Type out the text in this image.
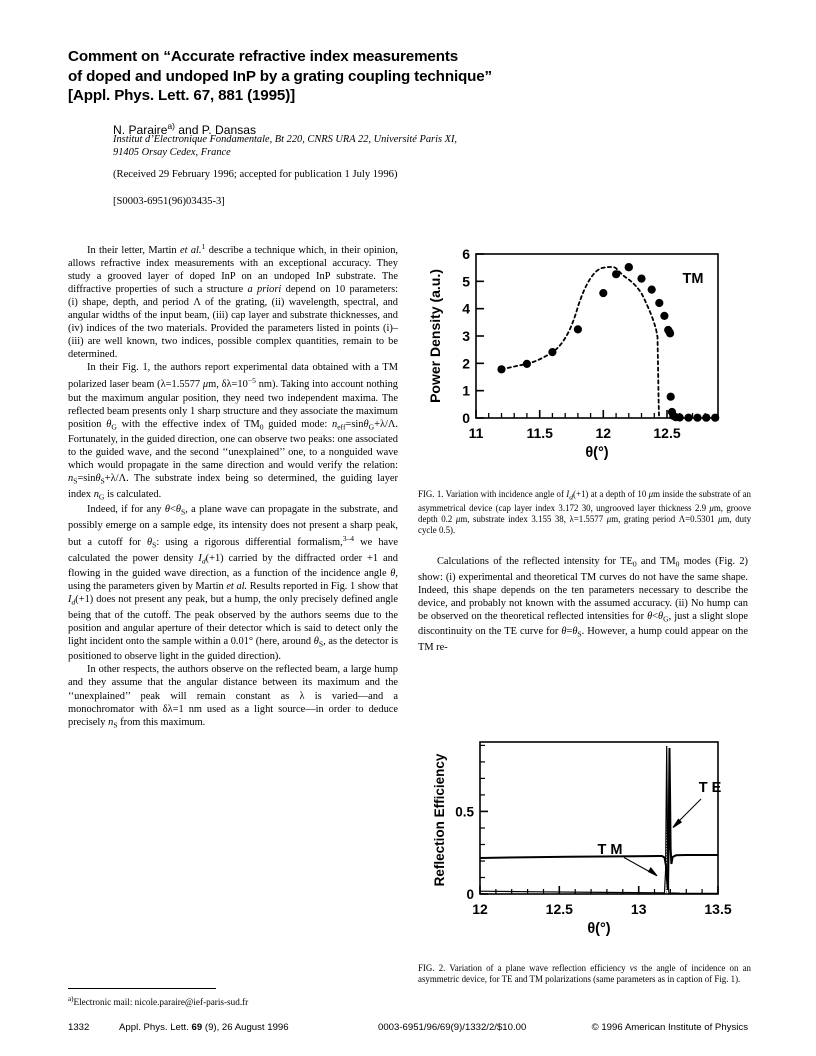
Comment on “Accurate refractive index measurements
of doped and undoped InP by a grating coupling technique”
[Appl. Phys. Lett. 67, 881 (1995)]
N. Paraire$^{a)}$ and P. Dansas
Institut d’Electronique Fondamentale, Bt 220, CNRS URA 22, Université Paris XI,
91405 Orsay Cedex, France
(Received 29 February 1996; accepted for publication 1 July 1996)
[S0003-6951(96)03435-3]

In their letter, Martin et al.$^1$ describe a technique which, in their opinion, allows refractive index measurements with an exceptional accuracy. They study a grooved layer of doped InP on an undoped InP substrate. The diffractive properties of such a structure a priori depend on 10 parameters: (i) shape, depth, and period Λ of the grating, (ii) wavelength, spectral, and angular widths of the input beam, (iii) cap layer and substrate thicknesses, and (iv) indices of the two materials. Provided the parameters listed in points (i)–(iii) are well known, two indices, possible complex quantities, remain to be determined.

In their Fig. 1, the authors report experimental data obtained with a TM polarized laser beam (λ=1.5577 μm, $\delta\lambda=10^{-5}$ nm). Taking into account nothing but the maximum angular position, they need two independent maxima. The reflected beam presents only 1 sharp structure and they associate the maximum position $\theta_G$ with the effective index of $TM_0$ guided mode: $n_{eff}=\sin\theta_G+\lambda/\Lambda$. Fortunately, in the guided direction, one can observe two peaks: one associated to the guided wave, and the second ‘‘unexplained’’ one, to a nonguided wave which would propagate in the same direction and would verify the relation: $n_S=\sin\theta_S+\lambda/\Lambda$. The substrate index being so determined, the guiding layer index $n_G$ is calculated.

Indeed, if for any $\theta<\theta_S$, a plane wave can propagate in the substrate, and possibly emerge on a sample edge, its intensity does not present a sharp peak, but a cutoff for $\theta_S$: using a rigorous differential formalism,$^{3-4}$ we have calculated the power density $I_d(+1)$ carried by the diffracted order +1 and flowing in the guided wave direction, as a function of the incidence angle θ, using the parameters given by Martin et al. Results reported in Fig. 1 show that $I_d(+1)$ does not present any peak, but a hump, the only precisely defined angle being that of the cutoff. The peak observed by the authors seems due to the position and angular aperture of their detector which is said to detect only the light incident onto the sample within a 0.01° (here, around $\theta_S$, as the detector is positioned to observe light in the guided direction).

In other respects, the authors observe on the reflected beam, a large hump and they assume that the angular distance between its maximum and the ‘‘unexplained’’ peak will remain constant as λ is varied—and a monochromator with δλ=1 nm used as a light source—in order to deduce precisely $n_S$ from this maximum.

$^{a)}$Electronic mail: nicole.paraire@ief-paris-sud.fr
0
1
2
3
4
5
6
11	11.5	12	12.5
Power Density (a.u.)
θ(°)
TM
FIG. 1. Variation with incidence angle of $I_d(+1)$ at a depth of 10 μm inside the substrate of an asymmetrical device (cap layer index 3.172 30, ungrooved layer thickness 2.9 μm, groove depth 0.2 μm, substrate index 3.155 38, λ=1.5577 μm, grating period Λ=0.5301 μm, duty cycle 0.5).

Calculations of the reflected intensity for $TE_0$ and $TM_0$ modes (Fig. 2) show: (i) experimental and theoretical TM curves do not have the same shape. Indeed, this shape depends on the ten parameters necessary to describe the device, and probably not known with the assumed accuracy. (ii) No hump can be observed on the theoretical reflected intensities for $\theta<\theta_G$, just a slight slope discontinuity on the TE curve for $\theta=\theta_S$. However, a hump could appear on the TM re-

T E
T M
0
0.5
12	12.5	13	13.5
Reflection Efficiency
θ(°)
FIG. 2. Variation of a plane wave reflection efficiency vs the angle of incidence on an asymmetric device, for TE and TM polarizations (same parameters as in caption of Fig. 1).
1332	Appl. Phys. Lett. 69 (9), 26 August 1996	0003-6951/96/69(9)/1332/2/$10.00	© 1996 American Institute of Physics
